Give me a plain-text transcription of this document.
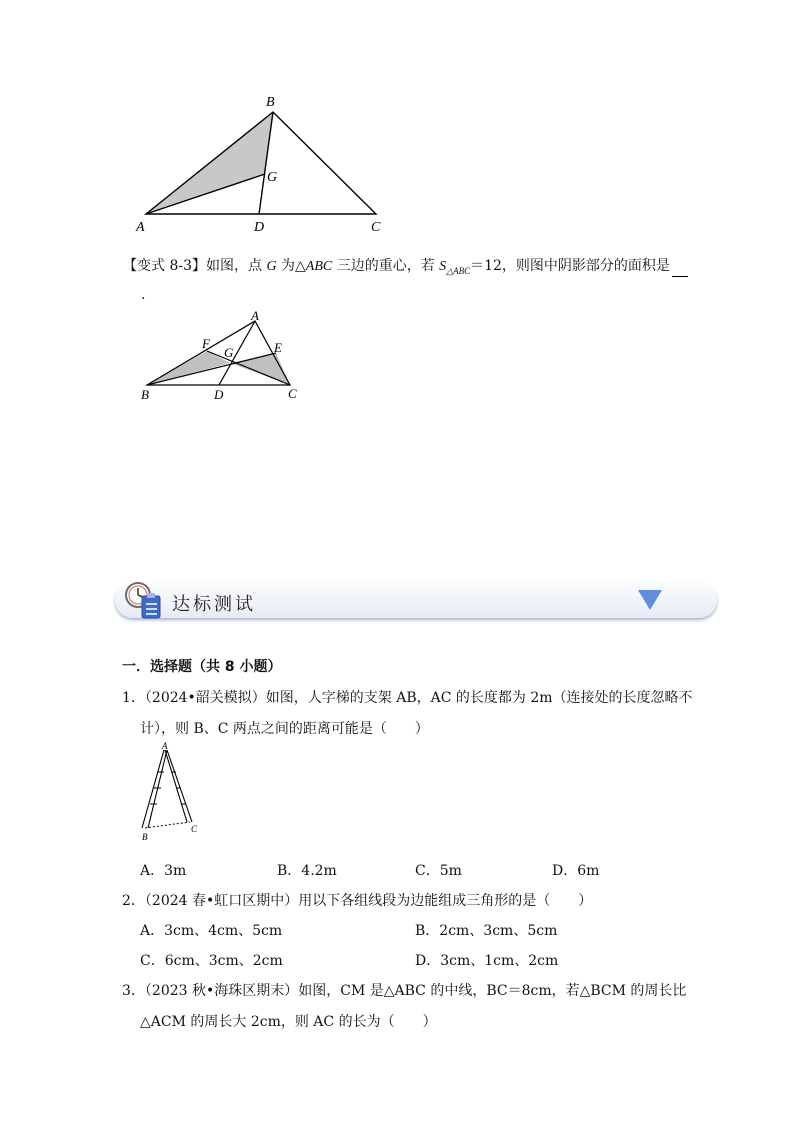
B
G
A	D	C
【变式 8-3】如图，点 G 为△ABC 三边的重心，若 $S_{\triangle ABC}=12$，则图中阴影部分的面积是
.
A
F	E
G
B	D	C
达标测试
一．选择题（共 8 小题）
1．（2024•韶关模拟）如图，人字梯的支架 AB，AC 的长度都为 2m（连接处的长度忽略不
计），则 B、C 两点之间的距离可能是（　　）
A
B
C
A．3m	B．4.2m	C．5m	D．6m
2．（2024 春•虹口区期中）用以下各组线段为边能组成三角形的是（　　）
A．3cm、4cm、5cm	B．2cm、3cm、5cm
C．6cm、3cm、2cm	D．3cm、1cm、2cm
3．（2023 秋•海珠区期末）如图，CM 是△ABC 的中线，BC＝8cm，若△BCM 的周长比
△ACM 的周长大 2cm，则 AC 的长为（　　）
